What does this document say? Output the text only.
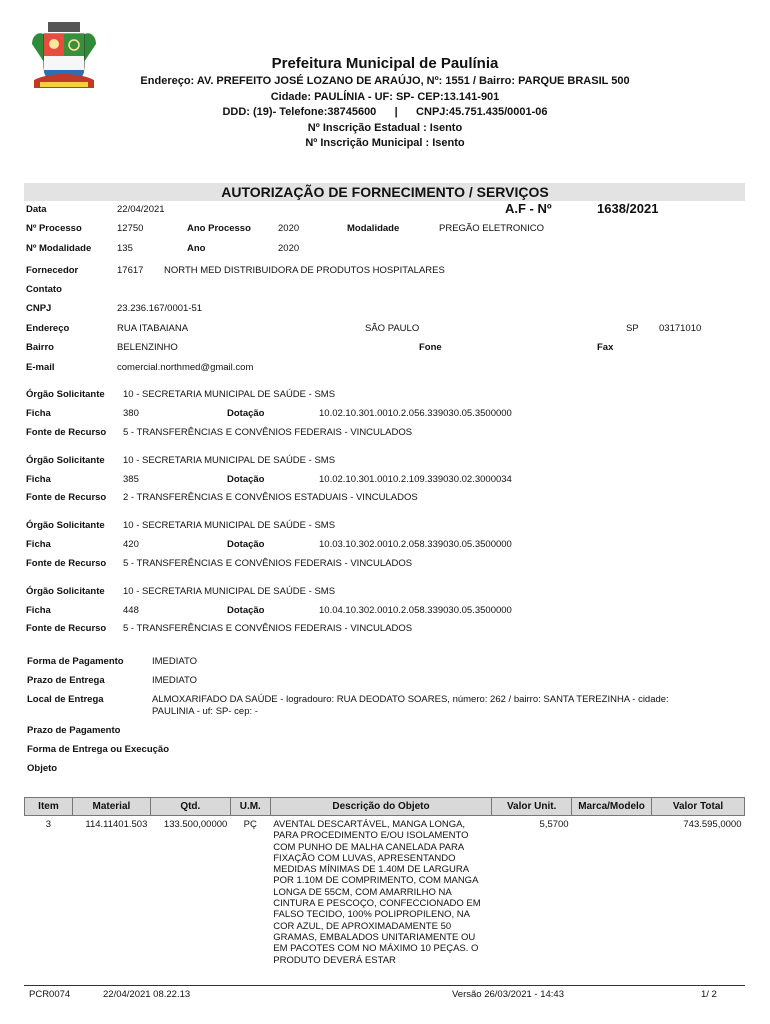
Prefeitura Municipal de Paulínia
Endereço: AV. PREFEITO JOSÉ LOZANO DE ARAÚJO, Nº: 1551 / Bairro: PARQUE BRASIL 500
Cidade: PAULÍNIA - UF: SP- CEP:13.141-901
DDD: (19)- Telefone:38745600      |      CNPJ:45.751.435/0001-06
Nº Inscrição Estadual : Isento
Nº Inscrição Municipal : Isento
AUTORIZAÇÃO DE FORNECIMENTO / SERVIÇOS
Data	22/04/2021	A.F - Nº	1638/2021
Nº Processo	12750	Ano Processo	2020	Modalidade	PREGÃO ELETRONICO
Nº Modalidade	135	Ano	2020
Fornecedor	17617 NORTH MED DISTRIBUIDORA DE PRODUTOS HOSPITALARES
Contato
CNPJ	23.236.167/0001-51
Endereço	RUA ITABAIANA	SÃO PAULO	SP 03171010
Bairro	BELENZINHO	Fone	Fax
E-mail	comercial.northmed@gmail.com
Órgão Solicitante 10 - SECRETARIA MUNICIPAL DE SAÚDE - SMS
Ficha	380	Dotação	10.02.10.301.0010.2.056.339030.05.3500000
Fonte de Recurso 5 - TRANSFERÊNCIAS E CONVÊNIOS FEDERAIS - VINCULADOS
Órgão Solicitante 10 - SECRETARIA MUNICIPAL DE SAÚDE - SMS
Ficha	385	Dotação	10.02.10.301.0010.2.109.339030.02.3000034
Fonte de Recurso 2 - TRANSFERÊNCIAS E CONVÊNIOS ESTADUAIS - VINCULADOS
Órgão Solicitante 10 - SECRETARIA MUNICIPAL DE SAÚDE - SMS
Ficha	420	Dotação	10.03.10.302.0010.2.058.339030.05.3500000
Fonte de Recurso 5 - TRANSFERÊNCIAS E CONVÊNIOS FEDERAIS - VINCULADOS
Órgão Solicitante 10 - SECRETARIA MUNICIPAL DE SAÚDE - SMS
Ficha	448	Dotação	10.04.10.302.0010.2.058.339030.05.3500000
Fonte de Recurso 5 - TRANSFERÊNCIAS E CONVÊNIOS FEDERAIS - VINCULADOS
Forma de Pagamento	IMEDIATO
Prazo de Entrega	IMEDIATO
Local de Entrega	ALMOXARIFADO DA SAÚDE - logradouro: RUA DEODATO SOARES, número: 262 / bairro: SANTA TEREZINHA - cidade:
PAULINIA - uf: SP- cep: -
Prazo de Pagamento
Forma de Entrega ou Execução
Objeto
Item	Material	Qtd.	U.M.	Descrição do Objeto	Valor Unit.	Marca/Modelo	Valor Total
3	114.11401.503	133.500,00000	PÇ	AVENTAL DESCARTÁVEL, MANGA LONGA, PARA PROCEDIMENTO E/OU ISOLAMENTO COM PUNHO DE MALHA CANELADA PARA FIXAÇÃO COM LUVAS, APRESENTANDO MEDIDAS MÍNIMAS DE 1.40M DE LARGURA POR 1.10M DE COMPRIMENTO, COM MANGA LONGA DE 55CM, COM AMARRILHO NA CINTURA E PESCOÇO, CONFECCIONADO EM FALSO TECIDO, 100% POLIPROPILENO, NA COR AZUL, DE APROXIMADAMENTE 50 GRAMAS, EMBALADOS UNITARIAMENTE OU EM PACOTES COM NO MÁXIMO 10 PEÇAS. O PRODUTO DEVERÁ ESTAR	5,5700		743.595,0000
PCR0074	22/04/2021 08.22.13	Versão 26/03/2021 - 14:43	1/ 2
